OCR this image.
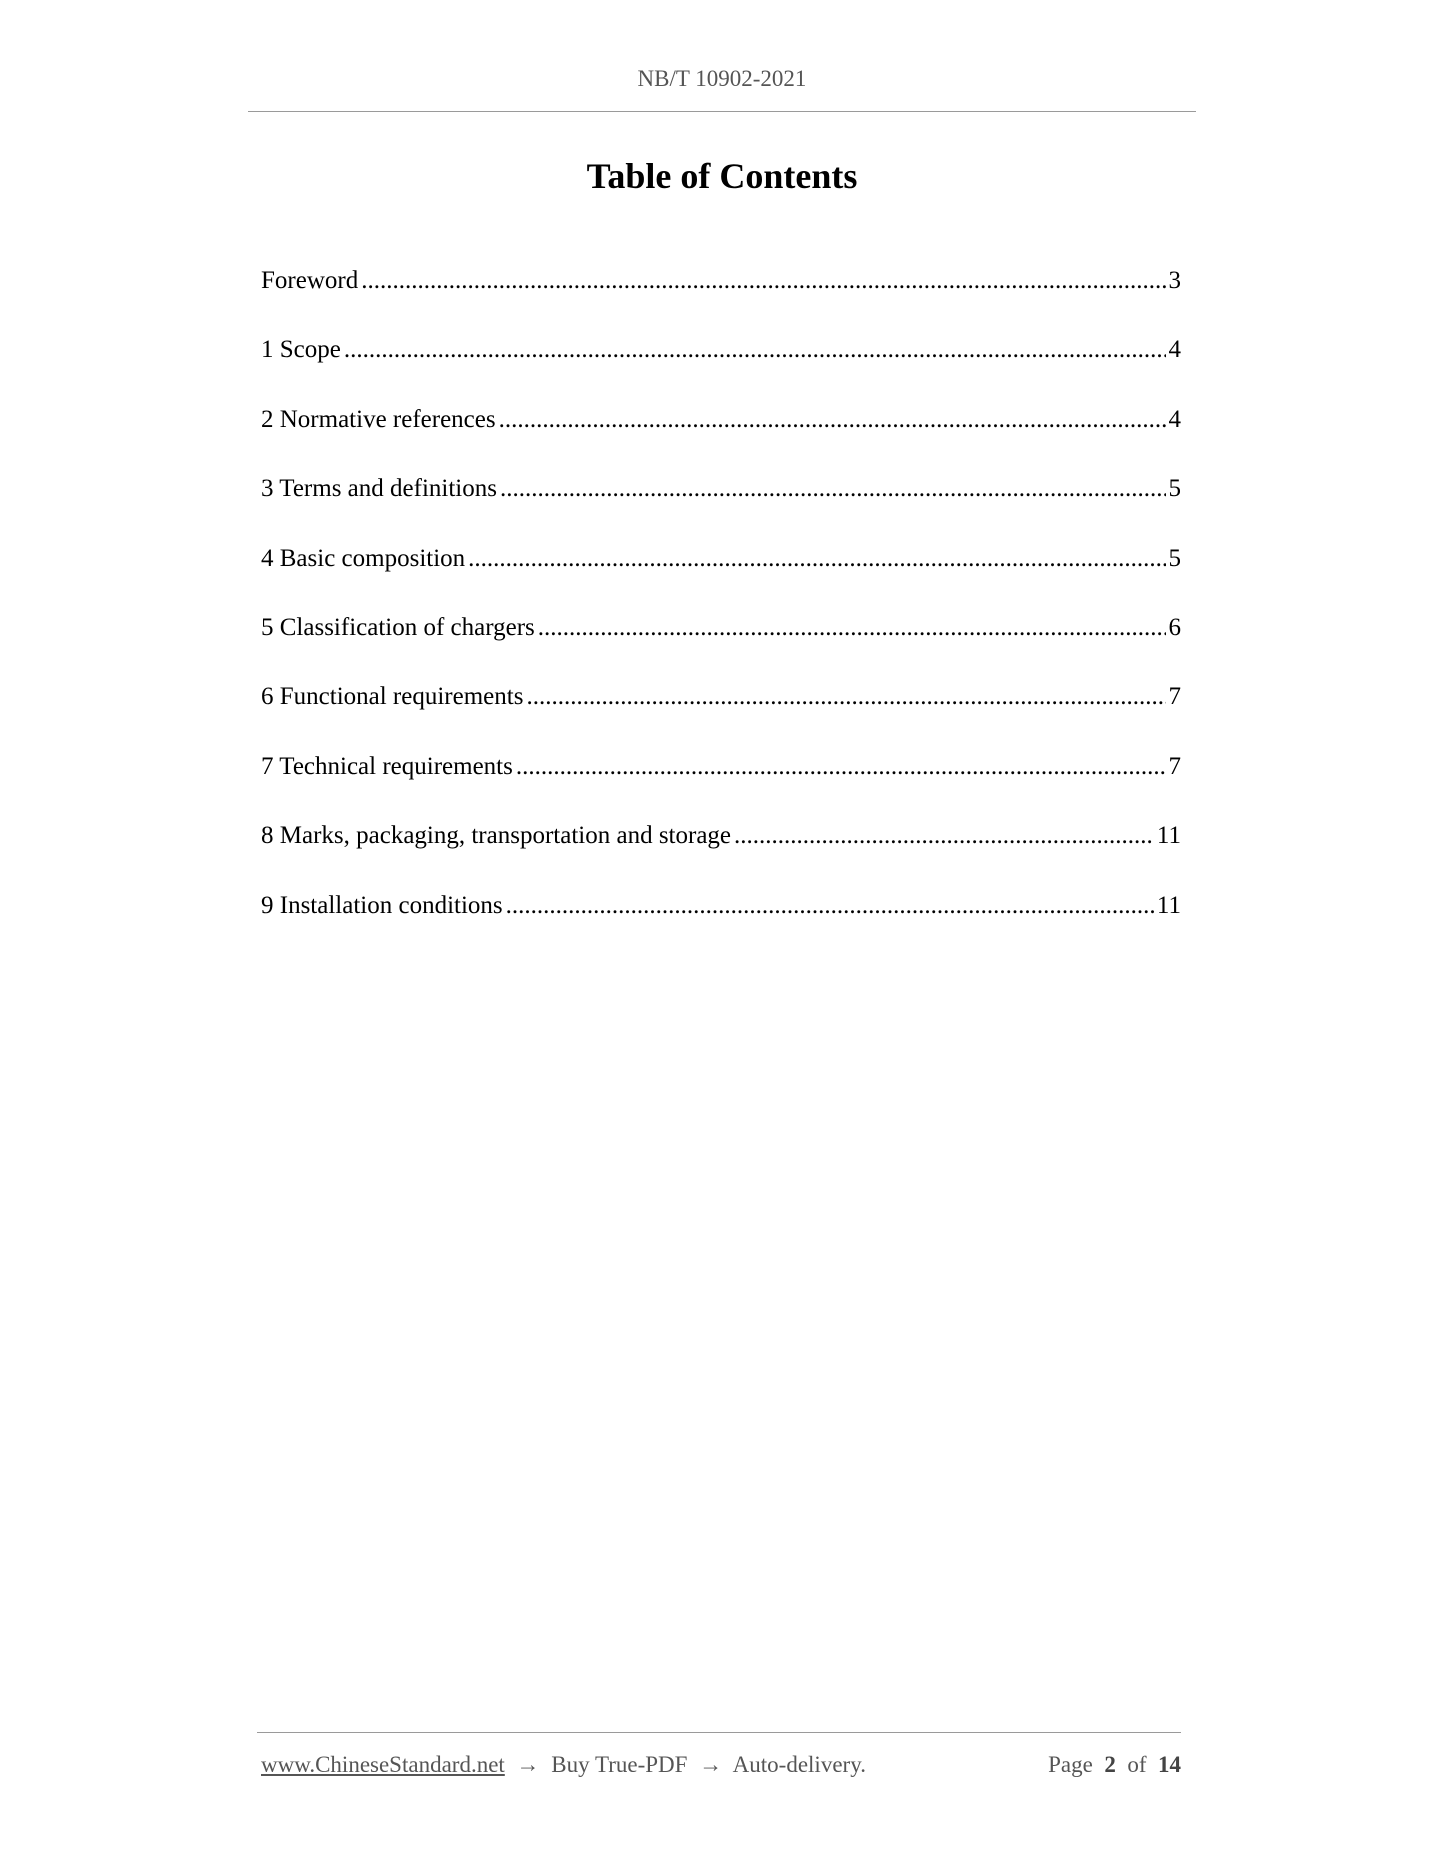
NB/T 10902-2021
Table of Contents
Foreword .....	3
1 Scope .....	4
2 Normative references .....	4
3 Terms and definitions .....	5
4 Basic composition .....	5
5 Classification of chargers .....	6
6 Functional requirements .....	7
7 Technical requirements .....	7
8 Marks, packaging, transportation and storage .....	11
9 Installation conditions .....	11
www.ChineseStandard.net → Buy True-PDF → Auto-delivery.	Page 2 of 14
